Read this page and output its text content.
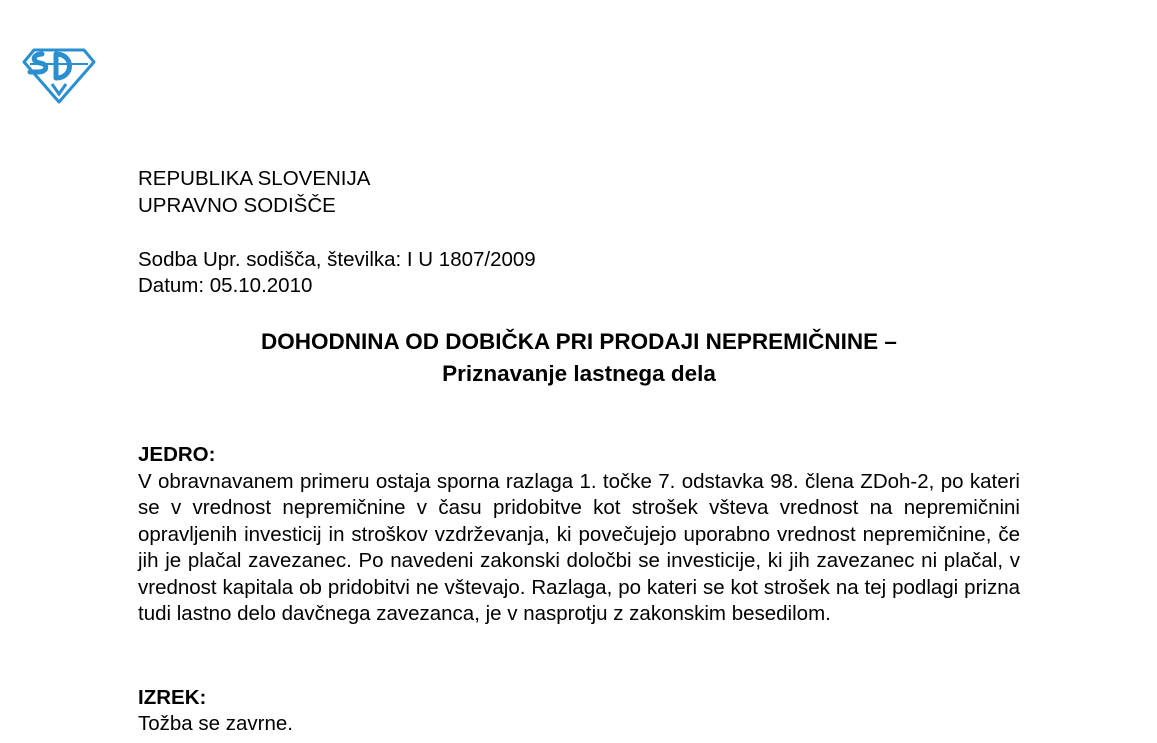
REPUBLIKA SLOVENIJA
UPRAVNO SODIŠČE
Sodba Upr. sodišča, številka: I U 1807/2009
Datum: 05.10.2010
DOHODNINA OD DOBIČKA PRI PRODAJI NEPREMIČNINE –
Priznavanje lastnega dela
JEDRO:

V obravnavanem primeru ostaja sporna razlaga 1. točke 7. odstavka 98. člena ZDoh-2, po kateri se v vrednost nepremičnine v času pridobitve kot strošek všteva vrednost na nepremičnini opravljenih investicij in stroškov vzdrževanja, ki povečujejo uporabno vrednost nepremičnine, če jih je plačal zavezanec. Po navedeni zakonski določbi se investicije, ki jih zavezanec ni plačal, v vrednost kapitala ob pridobitvi ne vštevajo. Razlaga, po kateri se kot strošek na tej podlagi prizna tudi lastno delo davčnega zavezanca, je v nasprotju z zakonskim besedilom.

IZREK:
Tožba se zavrne.
